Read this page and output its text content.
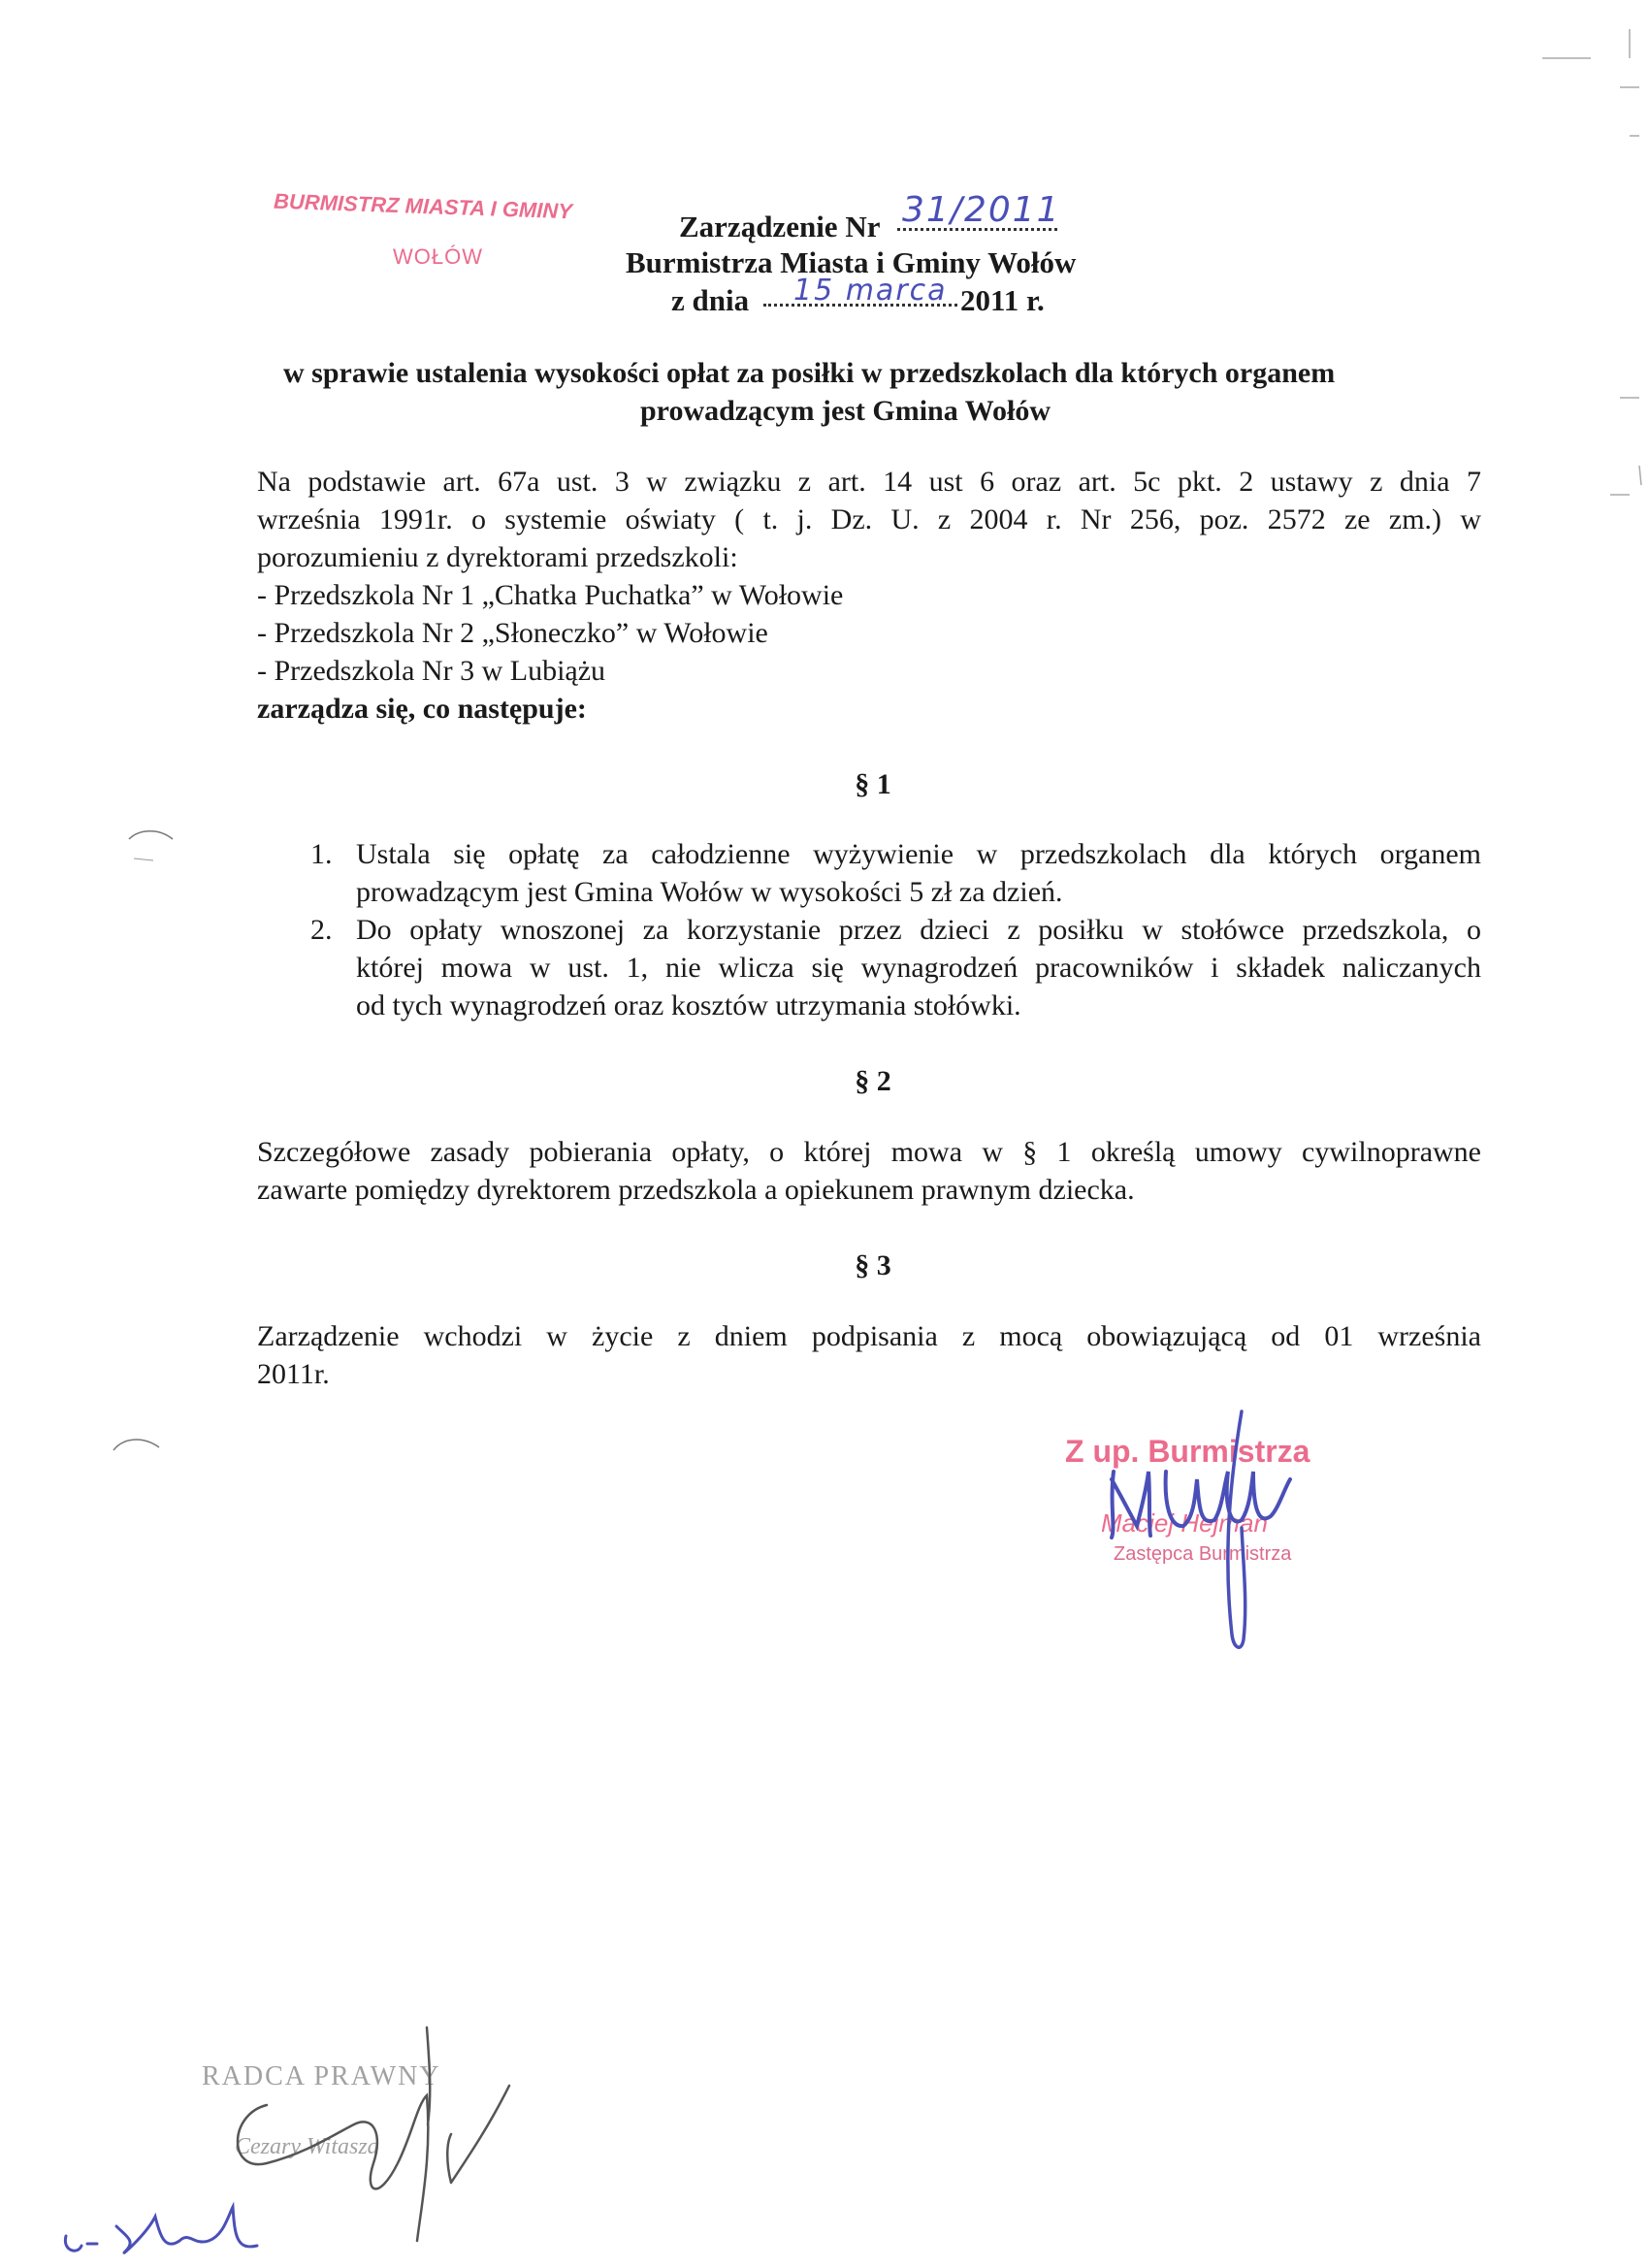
BURMISTRZ MIASTA I GMINY
WOŁÓW
Zarządzenie Nr 31/2011
Burmistrza Miasta i Gminy Wołów
z dnia 15 marca 2011 r.
w sprawie ustalenia wysokości opłat za posiłki w przedszkolach dla których organem
prowadzącym jest Gmina Wołów
Na podstawie art. 67a ust. 3 w związku z art. 14 ust 6 oraz art. 5c pkt. 2 ustawy z dnia 7
września 1991r. o systemie oświaty ( t. j. Dz. U. z 2004 r. Nr 256, poz. 2572 ze zm.) w
porozumieniu z dyrektorami przedszkoli:
- Przedszkola Nr 1 „Chatka Puchatka” w Wołowie
- Przedszkola Nr 2 „Słoneczko” w Wołowie
- Przedszkola Nr 3 w Lubiążu
zarządza się, co następuje:
§ 1
1. Ustala się opłatę za całodzienne wyżywienie w przedszkolach dla których organem
prowadzącym jest Gmina Wołów w wysokości 5 zł za dzień.
2. Do opłaty wnoszonej za korzystanie przez dzieci z posiłku w stołówce przedszkola, o
której mowa w ust. 1, nie wlicza się wynagrodzeń pracowników i składek naliczanych
od tych wynagrodzeń oraz kosztów utrzymania stołówki.
§ 2
Szczegółowe zasady pobierania opłaty, o której mowa w § 1 określą umowy cywilnoprawne
zawarte pomiędzy dyrektorem przedszkola a opiekunem prawnym dziecka.
§ 3
Zarządzenie wchodzi w życie z dniem podpisania z mocą obowiązującą od 01 września
2011r.
Z up. Burmistrza
Maciej Hejman
Zastępca Burmistrza
RADCA PRAWNY
Cezary Witasza
